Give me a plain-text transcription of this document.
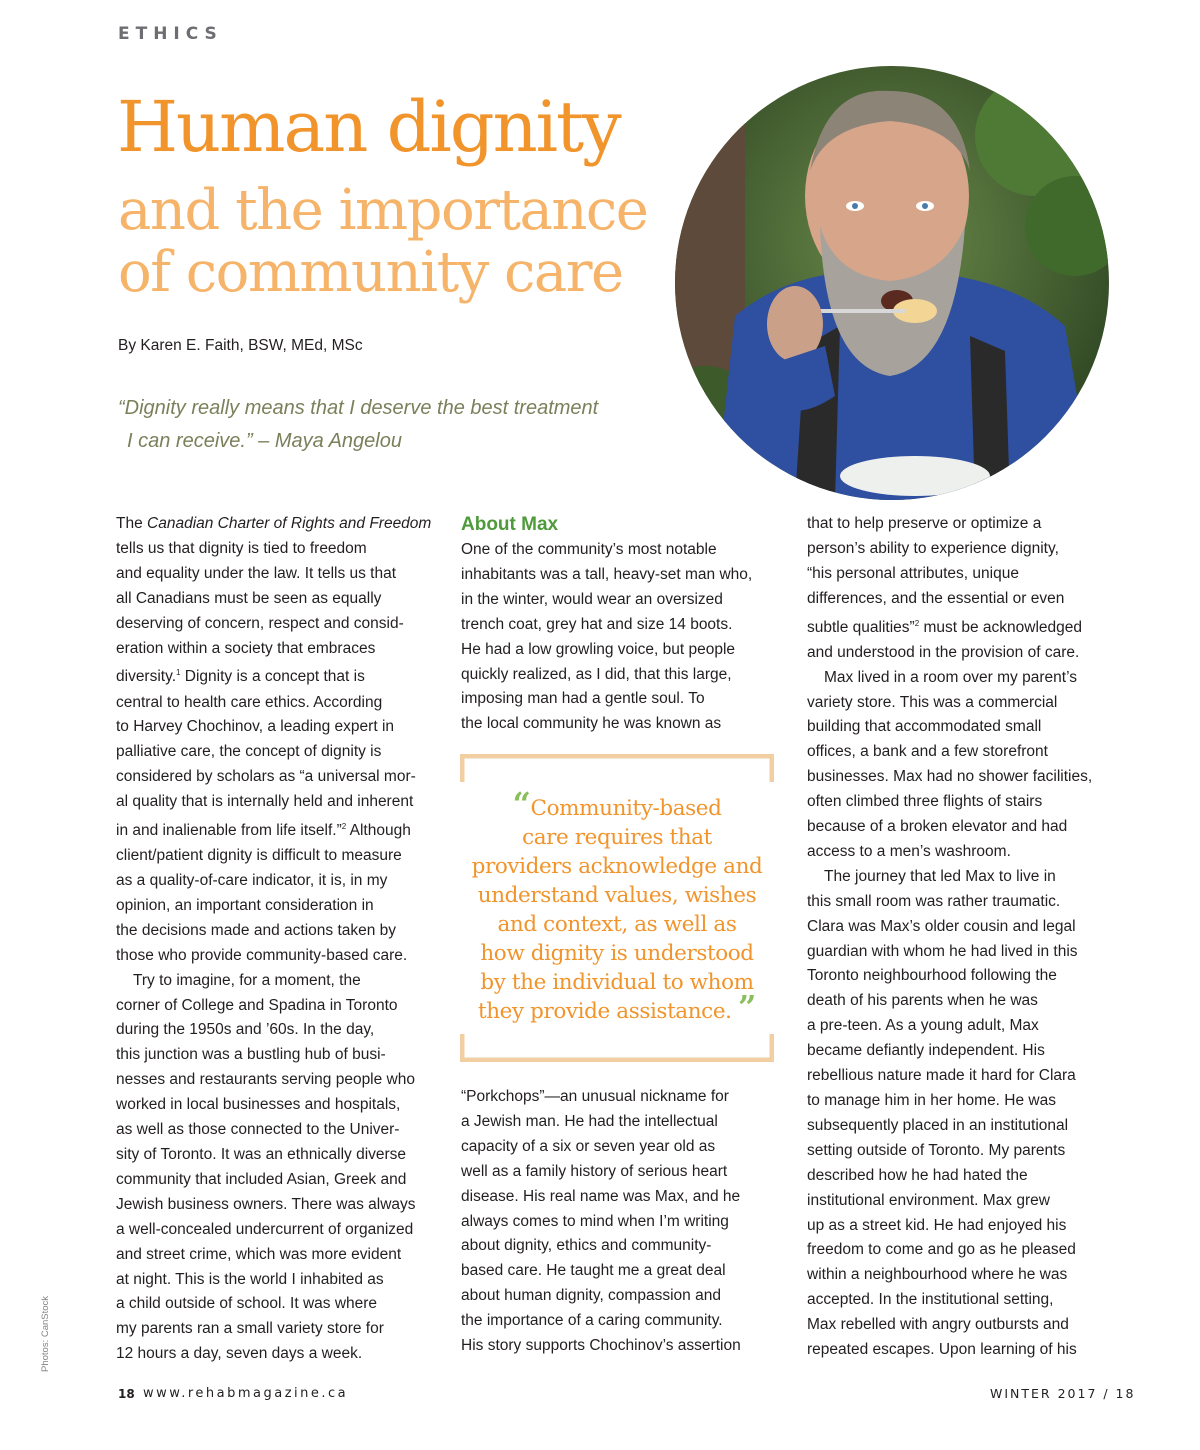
ETHICS
Human dignity
and the importance
of community care
By Karen E. Faith, BSW, MEd, MSc
“Dignity really means that I deserve the best treatment
I can receive.” – Maya Angelou
The Canadian Charter of Rights and Freedom
tells us that dignity is tied to freedom
and equality under the law. It tells us that
all Canadians must be seen as equally
deserving of concern, respect and consid-
eration within a society that embraces
diversity.$^1$ Dignity is a concept that is
central to health care ethics. According
to Harvey Chochinov, a leading expert in
palliative care, the concept of dignity is
considered by scholars as “a universal mor-
al quality that is internally held and inherent
in and inalienable from life itself.”$^2$ Although
client/patient dignity is difficult to measure
as a quality-of-care indicator, it is, in my
opinion, an important consideration in
the decisions made and actions taken by
those who provide community-based care.
Try to imagine, for a moment, the
corner of College and Spadina in Toronto
during the 1950s and ’60s. In the day,
this junction was a bustling hub of busi-
nesses and restaurants serving people who
worked in local businesses and hospitals,
as well as those connected to the Univer-
sity of Toronto. It was an ethnically diverse
community that included Asian, Greek and
Jewish business owners. There was always
a well-concealed undercurrent of organized
and street crime, which was more evident
at night. This is the world I inhabited as
a child outside of school. It was where
my parents ran a small variety store for
12 hours a day, seven days a week.
About Max
One of the community’s most notable
inhabitants was a tall, heavy-set man who,
in the winter, would wear an oversized
trench coat, grey hat and size 14 boots.
He had a low growling voice, but people
quickly realized, as I did, that this large,
imposing man had a gentle soul. To
the local community he was known as
“Porkchops”—an unusual nickname for
a Jewish man. He had the intellectual
capacity of a six or seven year old as
well as a family history of serious heart
disease. His real name was Max, and he
always comes to mind when I’m writing
about dignity, ethics and community-
based care. He taught me a great deal
about human dignity, compassion and
the importance of a caring community.
His story supports Chochinov’s assertion
“Community-based
care requires that
providers acknowledge and
understand values, wishes
and context, as well as
how dignity is understood
by the individual to whom
they provide assistance. ”
that to help preserve or optimize a
person’s ability to experience dignity,
“his personal attributes, unique
differences, and the essential or even
subtle qualities”$^2$ must be acknowledged
and understood in the provision of care.
Max lived in a room over my parent’s
variety store. This was a commercial
building that accommodated small
offices, a bank and a few storefront
businesses. Max had no shower facilities,
often climbed three flights of stairs
because of a broken elevator and had
access to a men’s washroom.
The journey that led Max to live in
this small room was rather traumatic.
Clara was Max’s older cousin and legal
guardian with whom he had lived in this
Toronto neighbourhood following the
death of his parents when he was
a pre-teen. As a young adult, Max
became defiantly independent. His
rebellious nature made it hard for Clara
to manage him in her home. He was
subsequently placed in an institutional
setting outside of Toronto. My parents
described how he had hated the
institutional environment. Max grew
up as a street kid. He had enjoyed his
freedom to come and go as he pleased
within a neighbourhood where he was
accepted. In the institutional setting,
Max rebelled with angry outbursts and
repeated escapes. Upon learning of his
Photos: CanStock
18 www.rehabmagazine.ca	WINTER 2017 / 18
